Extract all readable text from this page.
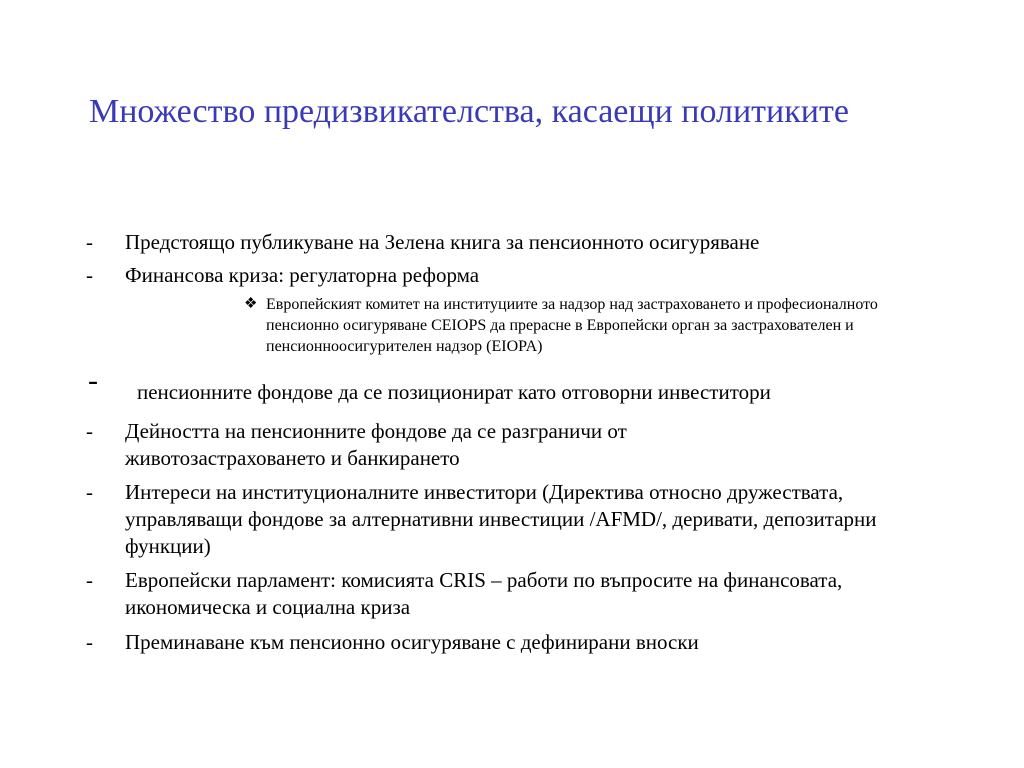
Множество предизвикателства, касаещи политиките
- Предстоящо публикуване на Зелена книга за пенсионното осигуряване
- Финансова криза: регулаторна реформа
❖ Европейският комитет на институциите за надзор над застраховането и професионалното пенсионно осигуряване CEIOPS да прерасне в Европейски орган за застрахователен и пенсионноосигурителен надзор (EIOPA)
- пенсионните фондове да се позиционират като отговорни инвеститори
- Дейността на пенсионните фондове да се разграничи от животозастраховането и банкирането
- Интереси на институционалните инвеститори (Директива относно дружествата, управляващи фондове за алтернативни инвестиции /AFMD/, деривати, депозитарни функции)
- Европейски парламент: комисията CRIS – работи по въпросите на финансовата, икономическа и социална криза
- Преминаване към пенсионно осигуряване с дефинирани вноски
